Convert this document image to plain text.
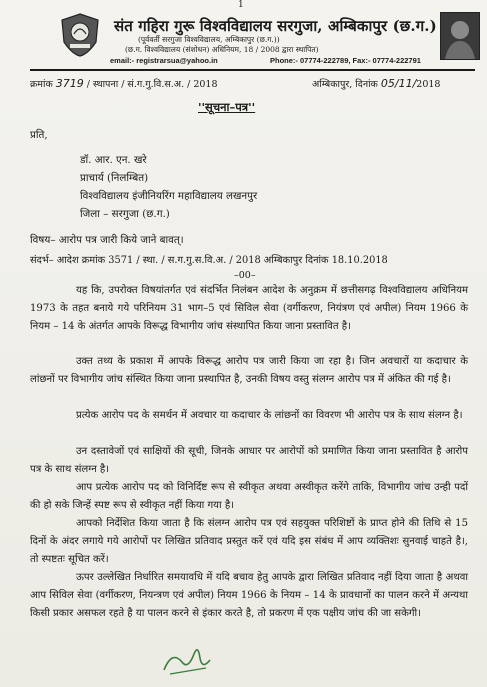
1
संत गहिरा गुरू विश्वविद्यालय सरगुजा, अम्बिकापुर (छ.ग.)
(पूर्ववर्ती सरगुजा विश्वविद्यालय, अम्बिकापुर (छ.ग.))
(छ.ग. विश्वविद्यालय (संशोधन) अधिनियम, 18 / 2008 द्वारा स्थापित)
email:- registrarsua@yahoo.in	Phone:- 07774-222789, Fax:- 07774-222791
क्रमांक 3719 / स्थापना / सं.ग.गु.वि.स.अ. / 2018	अम्बिकापुर, दिनांक 05/11/2018
''सूचना–पत्र''
प्रति,
डॉ. आर. एन. खरे
प्राचार्य (निलम्बित)
विश्वविद्यालय इंजीनियरिंग महाविद्यालय लखनपुर
जिला – सरगुजा (छ.ग.)
विषय– आरोप पत्र जारी किये जाने बावत्।
संदर्भ– आदेश क्रमांक 3571 / स्था. / स.ग.गु.स.वि.अ. / 2018 अम्बिकापुर दिनांक 18.10.2018
–00–
यह कि, उपरोक्त विषयांतर्गत एवं संदर्भित निलंबन आदेश के अनुक्रम में छत्तीसगढ़ विश्वविद्यालय अधिनियम 1973 के तहत बनाये गये परिनियम 31 भाग–5 एवं सिविल सेवा (वर्गीकरण, नियंत्रण एवं अपील) नियम 1966 के नियम – 14 के अंतर्गत आपके विरूद्ध विभागीय जांच संस्थापित किया जाना प्रस्तावित है।
उक्त तथ्य के प्रकाश में आपके विरूद्ध आरोप पत्र जारी किया जा रहा है। जिन अवचारों या कदाचार के लांछनों पर विभागीय जांच संस्थित किया जाना प्रस्थापित है, उनकी विषय वस्तु संलग्न आरोप पत्र में अंकित की गई है।
प्रत्येक आरोप पद के समर्थन में अवचार या कदाचार के लांछनों का विवरण भी आरोप पत्र के साथ संलग्न है।
उन दस्तावेजों एवं साक्षियों की सूची, जिनके आधार पर आरोपों को प्रमाणित किया जाना प्रस्तावित है आरोप पत्र के साथ संलग्न है।
आप प्रत्येक आरोप पद को विनिर्दिष्ट रूप से स्वीकृत अथवा अस्वीकृत करेंगे ताकि, विभागीय जांच उन्ही पदों की हो सके जिन्हें स्पष्ट रूप से स्वीकृत नहीं किया गया है।
आपको निर्देशित किया जाता है कि संलग्न आरोप पत्र एवं सहयुक्त परिशिष्टों के प्राप्त होने की तिथि से 15 दिनों के अंदर लगाये गये आरोपों पर लिखित प्रतिवाद प्रस्तुत करें एवं यदि इस संबंध में आप व्यक्तिशः सुनवाई चाहते है।, तो स्पष्टतः सूचित करें।
ऊपर उल्लेखित निर्धारित समयावधि में यदि बचाव हेतु आपके द्वारा लिखित प्रतिवाद नहीं दिया जाता है अथवा आप सिविल सेवा (वर्गीकरण, नियन्त्रण एवं अपील) नियम 1966 के नियम – 14 के प्रावधानों का पालन करने में अन्यथा किसी प्रकार असफल रहते है या पालन करने से इंकार करते है, तो प्रकरण में एक पक्षीय जांच की जा सकेगी।
